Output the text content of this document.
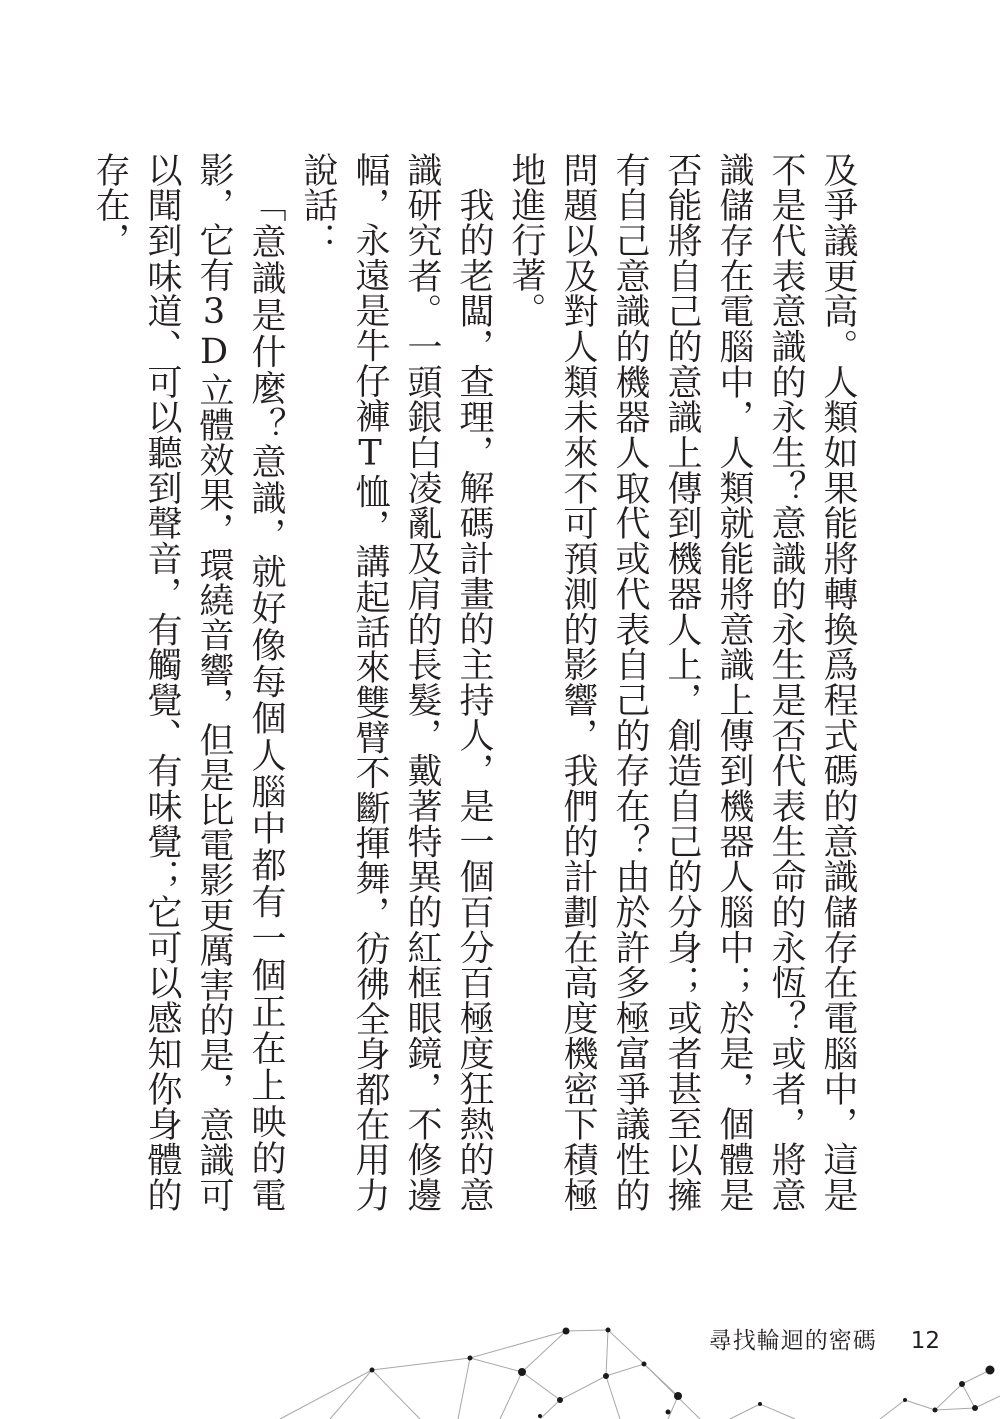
及爭議更高。人類如果能將轉換爲程式碼的意識儲存在電腦中，這是不是代表意識的永生？意識的永生是否代表生命的永恆？或者，將意識儲存在電腦中，人類就能將意識上傳到機器人腦中；於是，個體是否能將自己的意識上傳到機器人上，創造自己的分身；或者甚至以擁有自己意識的機器人取代或代表自己的存在？由於許多極富爭議性的問題以及對人類未來不可預測的影響，我們的計劃在高度機密下積極地進行著。

我的老闆，查理，解碼計畫的主持人，是一個百分百極度狂熱的意識研究者。一頭銀白凌亂及肩的長髮，戴著特異的紅框眼鏡，不修邊幅，永遠是牛仔褲T恤，講起話來雙臂不斷揮舞，彷彿全身都在用力說話：

「意識是什麼？意識，就好像每個人腦中都有一個正在上映的電影，它有3D立體效果，環繞音響，但是比電影更厲害的是，意識可以聞到味道、可以聽到聲音，有觸覺、有味覺；它可以感知你身體的存在，

尋找輪迴的密碼 12
